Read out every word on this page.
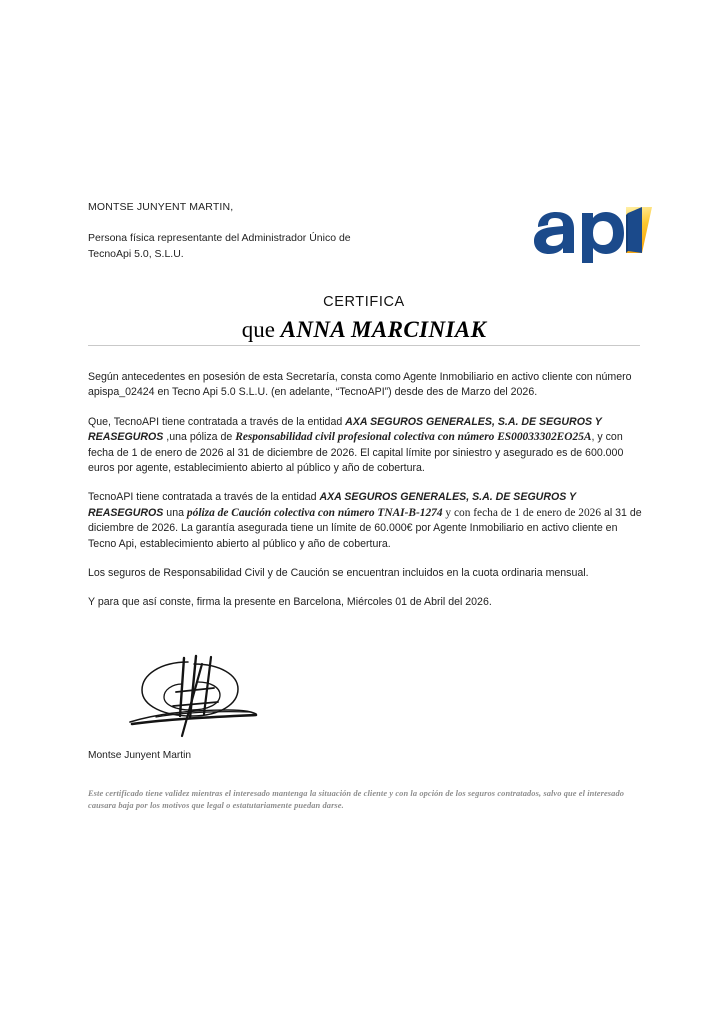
MONTSE JUNYENT MARTIN,
Persona física representante del Administrador Único de
TecnoApi 5.0, S.L.U.
CERTIFICA
que ANNA MARCINIAK

Según antecedentes en posesión de esta Secretaría, consta como Agente Inmobiliario en activo cliente con número apispa_02424 en Tecno Api 5.0 S.L.U. (en adelante, “TecnoAPI”) desde des de Marzo del 2026.

Que, TecnoAPI tiene contratada a través de la entidad AXA SEGUROS GENERALES, S.A. DE SEGUROS Y REASEGUROS ,una póliza de Responsabilidad civil profesional colectiva con número ES00033302EO25A, y con fecha de 1 de enero de 2026 al 31 de diciembre de 2026. El capital límite por siniestro y asegurado es de 600.000 euros por agente, establecimiento abierto al público y año de cobertura.

TecnoAPI tiene contratada a través de la entidad AXA SEGUROS GENERALES, S.A. DE SEGUROS Y REASEGUROS una póliza de Caución colectiva con número TNAI-B-1274 y con fecha de 1 de enero de 2026 al 31 de diciembre de 2026. La garantía asegurada tiene un límite de 60.000€ por Agente Inmobiliario en activo cliente en Tecno Api, establecimiento abierto al público y año de cobertura.

Los seguros de Responsabilidad Civil y de Caución se encuentran incluidos en la cuota ordinaria mensual.

Y para que así conste, firma la presente en Barcelona, Miércoles 01 de Abril del 2026.

Montse Junyent Martin
Este certificado tiene validez mientras el interesado mantenga la situación de cliente y con la opción de los seguros contratados, salvo que el interesado causara baja por los motivos que legal o estatutariamente puedan darse.
